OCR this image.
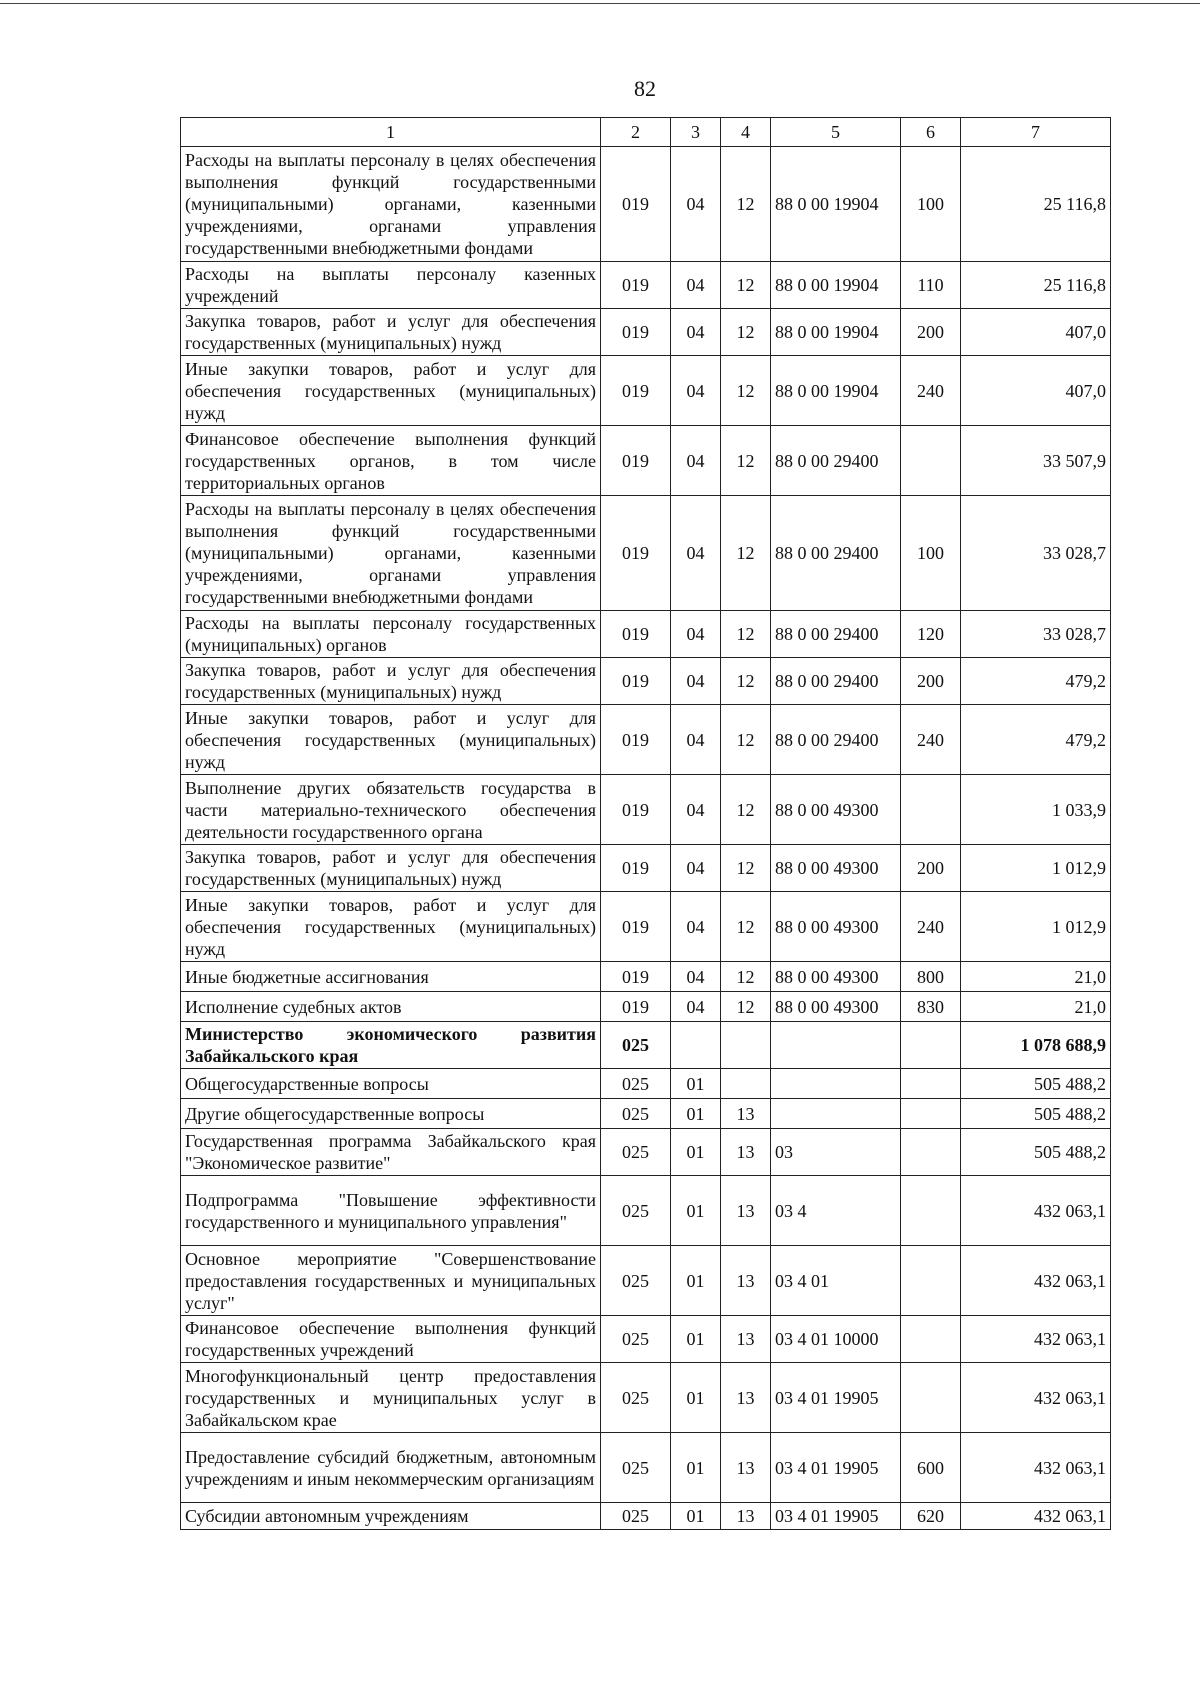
82
1	2	3	4	5	6	7
Расходы на выплаты персоналу в целях обеспечения выполнения функций государственными (муниципальными) органами, казенными учреждениями, органами управления государственными внебюджетными фондами	019	04	12	88 0 00 19904	100	25 116,8
Расходы на выплаты персоналу казенных учреждений	019	04	12	88 0 00 19904	110	25 116,8
Закупка товаров, работ и услуг для обеспечения государственных (муниципальных) нужд	019	04	12	88 0 00 19904	200	407,0
Иные закупки товаров, работ и услуг для обеспечения государственных (муниципальных) нужд	019	04	12	88 0 00 19904	240	407,0
Финансовое обеспечение выполнения функций государственных органов, в том числе территориальных органов	019	04	12	88 0 00 29400		33 507,9
Расходы на выплаты персоналу в целях обеспечения выполнения функций государственными (муниципальными) органами, казенными учреждениями, органами управления государственными внебюджетными фондами	019	04	12	88 0 00 29400	100	33 028,7
Расходы на выплаты персоналу государственных (муниципальных) органов	019	04	12	88 0 00 29400	120	33 028,7
Закупка товаров, работ и услуг для обеспечения государственных (муниципальных) нужд	019	04	12	88 0 00 29400	200	479,2
Иные закупки товаров, работ и услуг для обеспечения государственных (муниципальных) нужд	019	04	12	88 0 00 29400	240	479,2
Выполнение других обязательств государства в части материально-технического обеспечения деятельности государственного органа	019	04	12	88 0 00 49300		1 033,9
Закупка товаров, работ и услуг для обеспечения государственных (муниципальных) нужд	019	04	12	88 0 00 49300	200	1 012,9
Иные закупки товаров, работ и услуг для обеспечения государственных (муниципальных) нужд	019	04	12	88 0 00 49300	240	1 012,9
Иные бюджетные ассигнования	019	04	12	88 0 00 49300	800	21,0
Исполнение судебных актов	019	04	12	88 0 00 49300	830	21,0
Министерство экономического развития Забайкальского края	025					1 078 688,9
Общегосударственные вопросы	025	01				505 488,2
Другие общегосударственные вопросы	025	01	13			505 488,2
Государственная программа Забайкальского края "Экономическое развитие"	025	01	13	03		505 488,2
Подпрограмма "Повышение эффективности государственного и муниципального управления"	025	01	13	03 4		432 063,1
Основное мероприятие "Совершенствование предоставления государственных и муниципальных услуг"	025	01	13	03 4 01		432 063,1
Финансовое обеспечение выполнения функций государственных учреждений	025	01	13	03 4 01 10000		432 063,1
Многофункциональный центр предоставления государственных и муниципальных услуг в Забайкальском крае	025	01	13	03 4 01 19905		432 063,1
Предоставление субсидий бюджетным, автономным учреждениям и иным некоммерческим организациям	025	01	13	03 4 01 19905	600	432 063,1
Субсидии автономным учреждениям	025	01	13	03 4 01 19905	620	432 063,1
